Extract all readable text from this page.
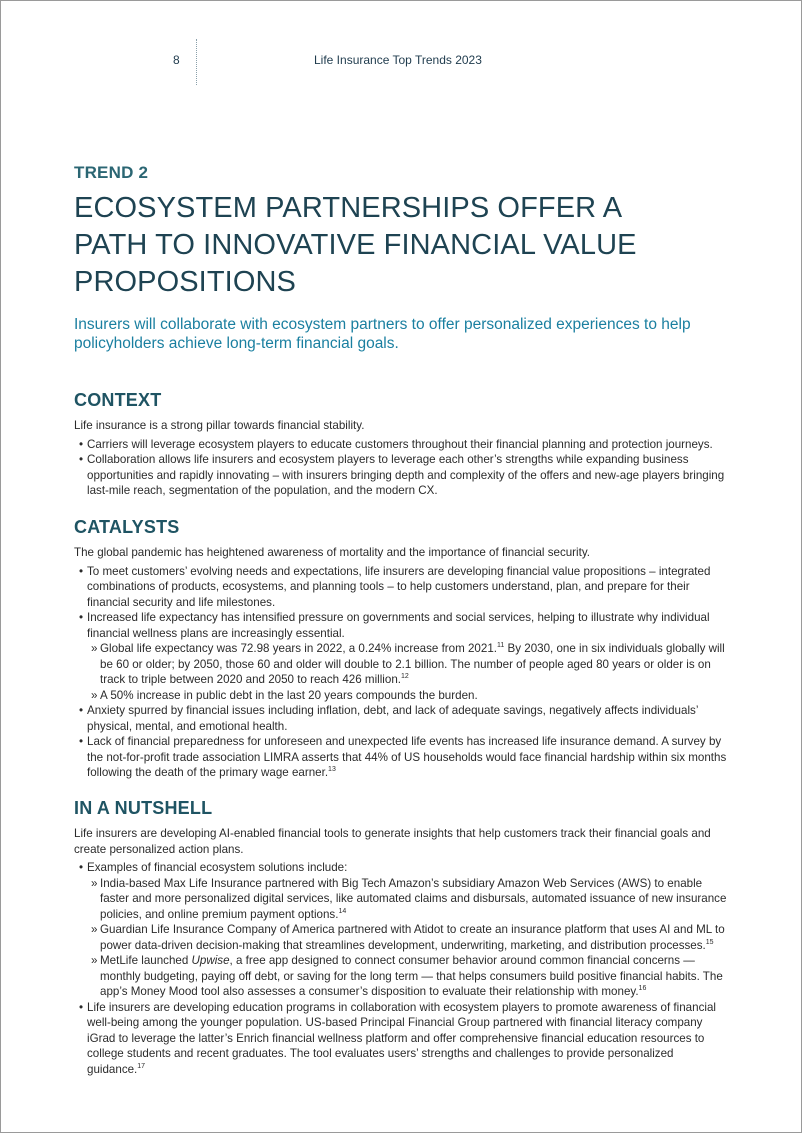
8	Life Insurance Top Trends 2023
TREND 2
ECOSYSTEM PARTNERSHIPS OFFER A
PATH TO INNOVATIVE FINANCIAL VALUE
PROPOSITIONS

Insurers will collaborate with ecosystem partners to offer personalized experiences to help policyholders achieve long-term financial goals.

CONTEXT

Life insurance is a strong pillar towards financial stability.

• Carriers will leverage ecosystem players to educate customers throughout their financial planning and protection journeys.
• Collaboration allows life insurers and ecosystem players to leverage each other’s strengths while expanding business opportunities and rapidly innovating – with insurers bringing depth and complexity of the offers and new-age players bringing last-mile reach, segmentation of the population, and the modern CX.
CATALYSTS

The global pandemic has heightened awareness of mortality and the importance of financial security.

• To meet customers’ evolving needs and expectations, life insurers are developing financial value propositions – integrated combinations of products, ecosystems, and planning tools – to help customers understand, plan, and prepare for their financial security and life milestones.
• Increased life expectancy has intensified pressure on governments and social services, helping to illustrate why individual financial wellness plans are increasingly essential.
» Global life expectancy was 72.98 years in 2022, a 0.24% increase from 2021.11 By 2030, one in six individuals globally will be 60 or older; by 2050, those 60 and older will double to 2.1 billion. The number of people aged 80 years or older is on track to triple between 2020 and 2050 to reach 426 million.$^{12}$
» A 50% increase in public debt in the last 20 years compounds the burden.
• Anxiety spurred by financial issues including inflation, debt, and lack of adequate savings, negatively affects individuals’ physical, mental, and emotional health.
• Lack of financial preparedness for unforeseen and unexpected life events has increased life insurance demand. A survey by the not-for-profit trade association LIMRA asserts that 44% of US households would face financial hardship within six months following the death of the primary wage earner.$^{13}$
IN A NUTSHELL

Life insurers are developing AI-enabled financial tools to generate insights that help customers track their financial goals and create personalized action plans.

• Examples of financial ecosystem solutions include:
» India-based Max Life Insurance partnered with Big Tech Amazon’s subsidiary Amazon Web Services (AWS) to enable faster and more personalized digital services, like automated claims and disbursals, automated issuance of new insurance policies, and online premium payment options.$^{14}$
» Guardian Life Insurance Company of America partnered with Atidot to create an insurance platform that uses AI and ML to power data-driven decision-making that streamlines development, underwriting, marketing, and distribution processes.$^{15}$
» MetLife launched Upwise, a free app designed to connect consumer behavior around common financial concerns — monthly budgeting, paying off debt, or saving for the long term — that helps consumers build positive financial habits. The app’s Money Mood tool also assesses a consumer’s disposition to evaluate their relationship with money.$^{16}$
• Life insurers are developing education programs in collaboration with ecosystem players to promote awareness of financial well-being among the younger population. US-based Principal Financial Group partnered with financial literacy company iGrad to leverage the latter’s Enrich financial wellness platform and offer comprehensive financial education resources to college students and recent graduates. The tool evaluates users’ strengths and challenges to provide personalized guidance.$^{17}$
